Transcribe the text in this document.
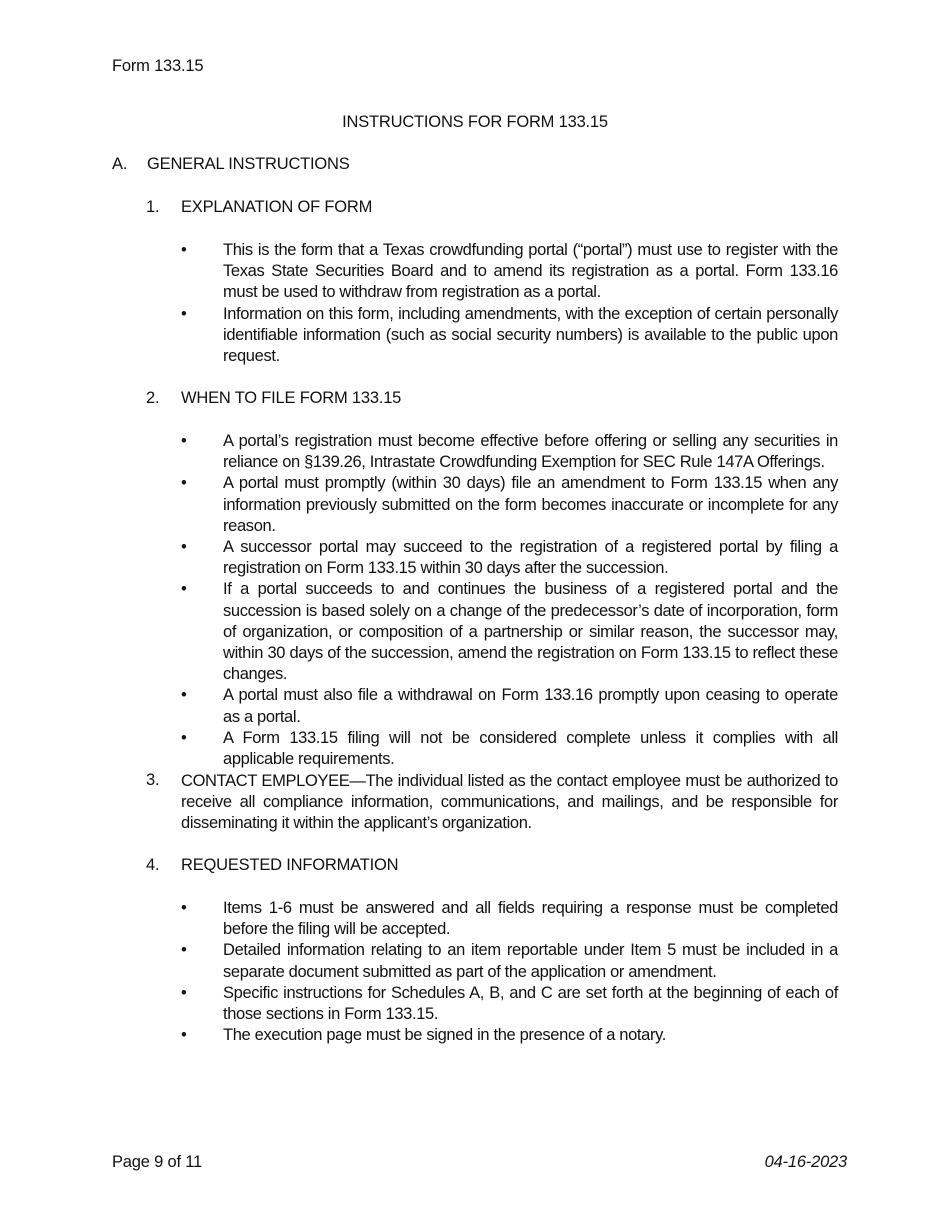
Form 133.15
INSTRUCTIONS FOR FORM 133.15
A. GENERAL INSTRUCTIONS
1. EXPLANATION OF FORM
• This is the form that a Texas crowdfunding portal (“portal”) must use to register with the Texas State Securities Board and to amend its registration as a portal. Form 133.16 must be used to withdraw from registration as a portal.
• Information on this form, including amendments, with the exception of certain personally identifiable information (such as social security numbers) is available to the public upon request.
2. WHEN TO FILE FORM 133.15
• A portal’s registration must become effective before offering or selling any securities in reliance on §139.26, Intrastate Crowdfunding Exemption for SEC Rule 147A Offerings.
• A portal must promptly (within 30 days) file an amendment to Form 133.15 when any information previously submitted on the form becomes inaccurate or incomplete for any reason.
• A successor portal may succeed to the registration of a registered portal by filing a registration on Form 133.15 within 30 days after the succession.
• If a portal succeeds to and continues the business of a registered portal and the succession is based solely on a change of the predecessor’s date of incorporation, form of organization, or composition of a partnership or similar reason, the successor may, within 30 days of the succession, amend the registration on Form 133.15 to reflect these changes.
• A portal must also file a withdrawal on Form 133.16 promptly upon ceasing to operate as a portal.
• A Form 133.15 filing will not be considered complete unless it complies with all applicable requirements.
3. CONTACT EMPLOYEE—The individual listed as the contact employee must be authorized to receive all compliance information, communications, and mailings, and be responsible for disseminating it within the applicant’s organization.
4. REQUESTED INFORMATION
• Items 1-6 must be answered and all fields requiring a response must be completed before the filing will be accepted.
• Detailed information relating to an item reportable under Item 5 must be included in a separate document submitted as part of the application or amendment.
• Specific instructions for Schedules A, B, and C are set forth at the beginning of each of those sections in Form 133.15.
• The execution page must be signed in the presence of a notary.
Page 9 of 11	04-16-2023
